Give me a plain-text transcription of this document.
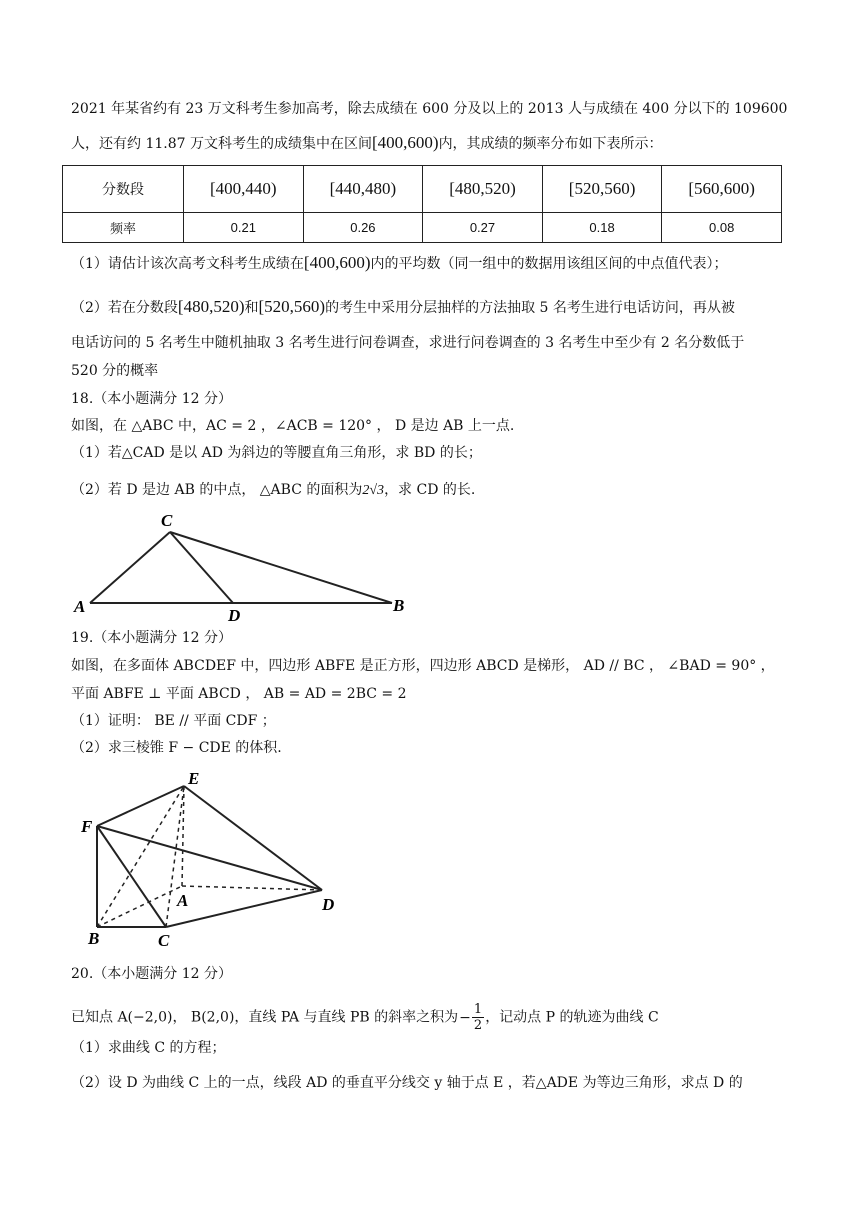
2021 年某省约有 23 万文科考生参加高考，除去成绩在 600 分及以上的 2013 人与成绩在 400 分以下的 109600
人，还有约 11.87 万文科考生的成绩集中在区间[400,600)内，其成绩的频率分布如下表所示：
分数段	[400,440)	[440,480)	[480,520)	[520,560)	[560,600)
频率	0.21	0.26	0.27	0.18	0.08
（1）请估计该次高考文科考生成绩在[400,600)内的平均数（同一组中的数据用该组区间的中点值代表）；
（2）若在分数段[480,520)和[520,560)的考生中采用分层抽样的方法抽取 5 名考生进行电话访问，再从被
电话访问的 5 名考生中随机抽取 3 名考生进行问卷调查，求进行问卷调查的 3 名考生中至少有 2 名分数低于
520 分的概率
18.（本小题满分 12 分）
如图，在 △ABC 中，AC = 2 ，∠ACB = 120° ， D 是边 AB 上一点.
（1）若△CAD 是以 AD 为斜边的等腰直角三角形，求 BD 的长；
（2）若 D 是边 AB 的中点， △ABC 的面积为2√3，求 CD 的长.
A
C
D
B
19.（本小题满分 12 分）
如图，在多面体 ABCDEF 中，四边形 ABFE 是正方形，四边形 ABCD 是梯形， AD // BC ， ∠BAD = 90° ，
平面 ABFE ⊥ 平面 ABCD ， AB = AD = 2BC = 2
（1）证明： BE // 平面 CDF ；
（2）求三棱锥 F − CDE 的体积.
E
F
A	D
B	C
20.（本小题满分 12 分）
已知点 A(−2,0)， B(2,0)，直线 PA 与直线 PB 的斜率之积为− $\frac{1}{2}$ ，记动点 P 的轨迹为曲线 C
（1）求曲线 C 的方程；
（2）设 D 为曲线 C 上的一点，线段 AD 的垂直平分线交 y 轴于点 E ，若△ADE 为等边三角形，求点 D 的
